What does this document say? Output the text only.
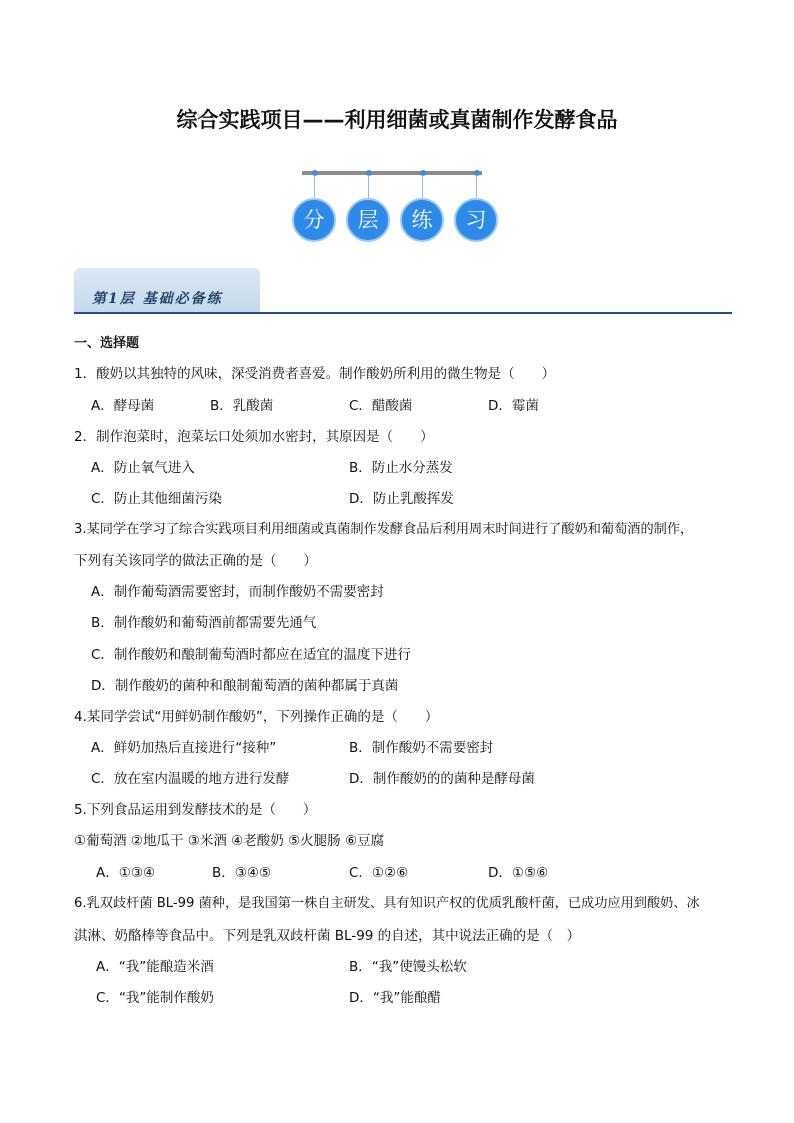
综合实践项目——利用细菌或真菌制作发酵食品
分	层	练	习
第1层 基础必备练
一、选择题
1．酸奶以其独特的风味，深受消费者喜爱。制作酸奶所利用的微生物是（　　）
A．酵母菌	B．乳酸菌	C．醋酸菌	D．霉菌
2．制作泡菜时，泡菜坛口处须加水密封，其原因是（　　）
A．防止氧气进入	B．防止水分蒸发
C．防止其他细菌污染	D．防止乳酸挥发
3.某同学在学习了综合实践项目利用细菌或真菌制作发酵食品后利用周末时间进行了酸奶和葡萄酒的制作，
下列有关该同学的做法正确的是（　　）
A．制作葡萄酒需要密封，而制作酸奶不需要密封
B．制作酸奶和葡萄酒前都需要先通气
C．制作酸奶和酿制葡萄酒时都应在适宜的温度下进行
D．制作酸奶的菌种和酿制葡萄酒的菌种都属于真菌
4.某同学尝试“用鲜奶制作酸奶”，下列操作正确的是（　　）
A．鲜奶加热后直接进行“接种”	B．制作酸奶不需要密封
C．放在室内温暖的地方进行发酵	D．制作酸奶的的菌种是酵母菌
5.下列食品运用到发酵技术的是（　　）
①葡萄酒 ②地瓜干 ③米酒 ④老酸奶 ⑤火腿肠 ⑥豆腐
A．①③④	B．③④⑤	C．①②⑥	D．①⑤⑥
6.乳双歧杆菌 BL-99 菌种，是我国第一株自主研发、具有知识产权的优质乳酸杆菌，已成功应用到酸奶、冰
淇淋、奶酪棒等食品中。下列是乳双歧杆菌 BL-99 的自述，其中说法正确的是（　）
A．“我”能酿造米酒	B．“我”使馒头松软
C．“我”能制作酸奶	D．“我”能酿醋
